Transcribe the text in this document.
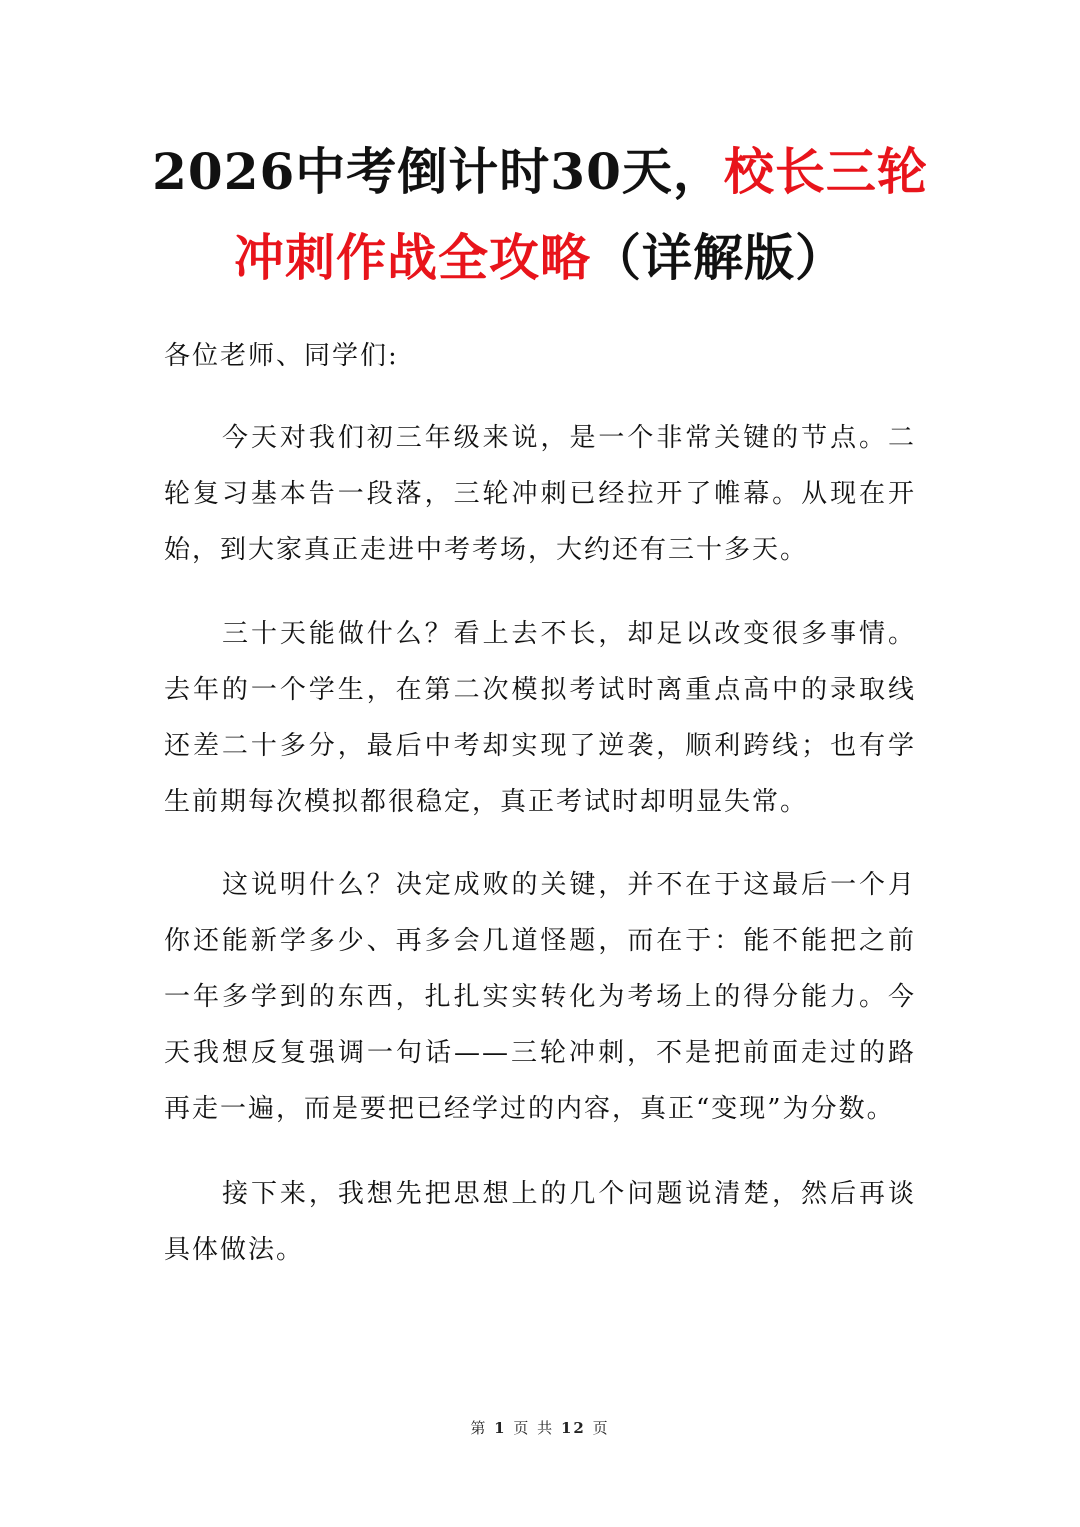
2026中考倒计时30天，校长三轮
冲刺作战全攻略（详解版）

各位老师、同学们:

今天对我们初三年级来说，是一个非常关键的节点。二轮复习基本告一段落，三轮冲刺已经拉开了帷幕。从现在开始，到大家真正走进中考考场，大约还有三十多天。

三十天能做什么？看上去不长，却足以改变很多事情。去年的一个学生，在第二次模拟考试时离重点高中的录取线还差二十多分，最后中考却实现了逆袭，顺利跨线；也有学生前期每次模拟都很稳定，真正考试时却明显失常。

这说明什么？决定成败的关键，并不在于这最后一个月你还能新学多少、再多会几道怪题，而在于：能不能把之前一年多学到的东西，扎扎实实转化为考场上的得分能力。今天我想反复强调一句话——三轮冲刺，不是把前面走过的路再走一遍，而是要把已经学过的内容，真正“变现”为分数。

接下来，我想先把思想上的几个问题说清楚，然后再谈具体做法。

第 1 页 共 12 页
